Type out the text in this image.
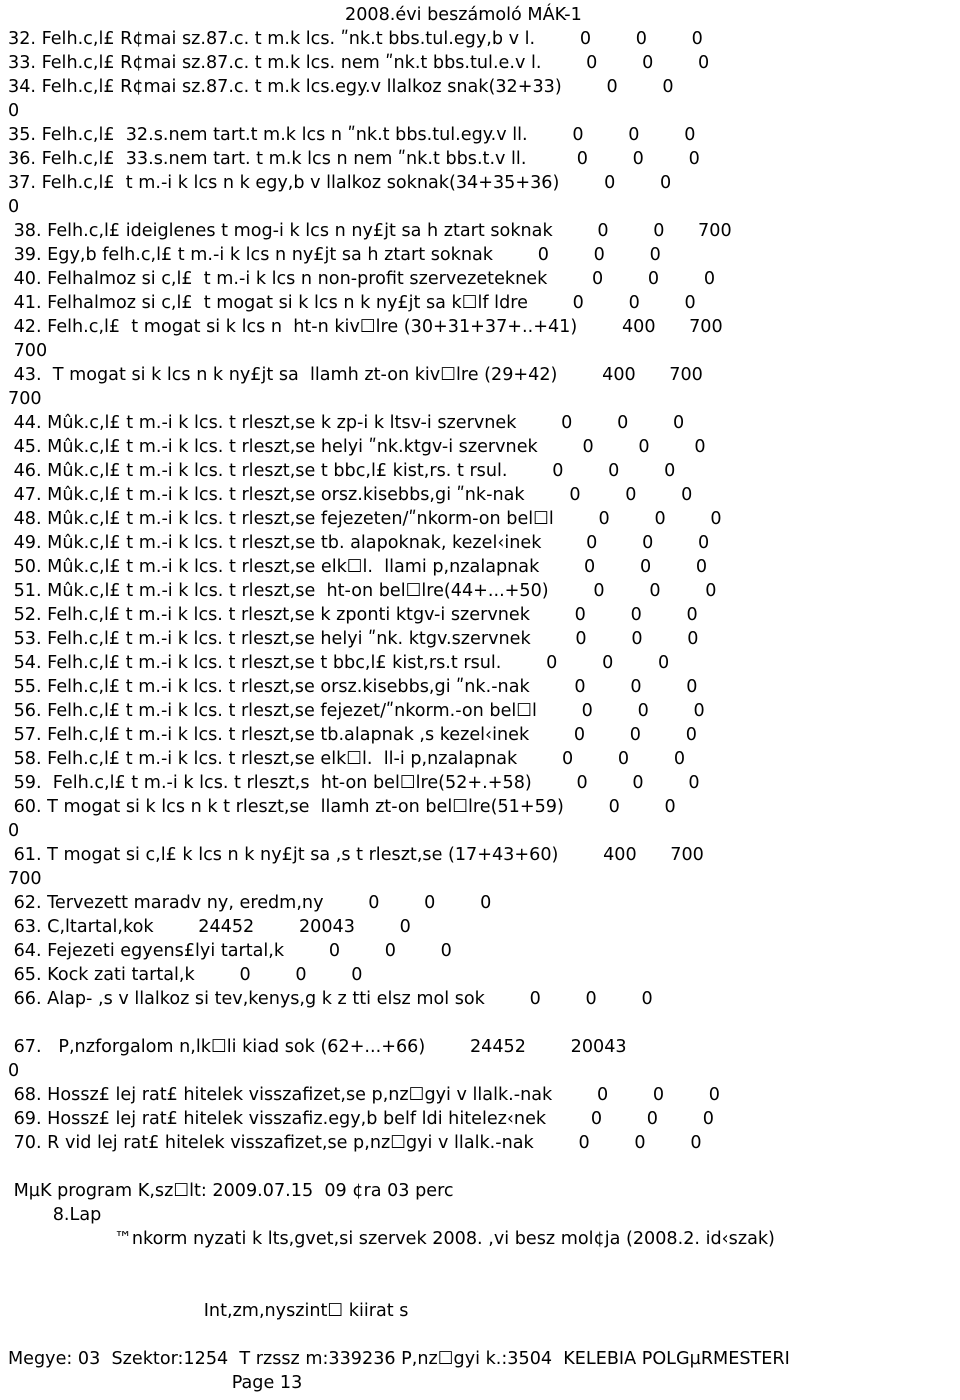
2008.évi beszámoló MÁK-1
32. Felh.c,l£ R¢mai sz.87.c. t m.k lcs. ʺnk.t bbs.tul.egy,b v l.        0        0        0
33. Felh.c,l£ R¢mai sz.87.c. t m.k lcs. nem ʺnk.t bbs.tul.e.v l.        0        0        0
34. Felh.c,l£ R¢mai sz.87.c. t m.k lcs.egy.v llalkoz snak(32+33)        0        0
0
35. Felh.c,l£  32.s.nem tart.t m.k lcs n ʺnk.t bbs.tul.egy.v ll.        0        0        0
36. Felh.c,l£  33.s.nem tart. t m.k lcs n nem ʺnk.t bbs.t.v ll.         0        0        0
37. Felh.c,l£  t m.-i k lcs n k egy,b v llalkoz soknak(34+35+36)        0        0
0
38. Felh.c,l£ ideiglenes t mog-i k lcs n ny£jt sa h ztart soknak        0        0      700
39. Egy,b felh.c,l£ t m.-i k lcs n ny£jt sa h ztart soknak        0        0        0
40. Felhalmoz si c,l£  t m.-i k lcs n non-profit szervezeteknek        0        0        0
41. Felhalmoz si c,l£  t mogat si k lcs n k ny£jt sa k☐lf ldre        0        0        0
42. Felh.c,l£  t mogat si k lcs n  ht-n kiv☐lre (30+31+37+..+41)        400      700
700
43.  T mogat si k lcs n k ny£jt sa  llamh zt-on kiv☐lre (29+42)        400      700
700
44. Mûk.c,l£ t m.-i k lcs. t rleszt,se k zp-i k ltsv-i szervnek        0        0        0
45. Mûk.c,l£ t m.-i k lcs. t rleszt,se helyi ʺnk.ktgv-i szervnek        0        0        0
46. Mûk.c,l£ t m.-i k lcs. t rleszt,se t bbc,l£ kist,rs. t rsul.        0        0        0
47. Mûk.c,l£ t m.-i k lcs. t rleszt,se orsz.kisebbs,gi ʺnk-nak        0        0        0
48. Mûk.c,l£ t m.-i k lcs. t rleszt,se fejezeten/ʺnkorm-on bel☐l        0        0        0
49. Mûk.c,l£ t m.-i k lcs. t rleszt,se tb. alapoknak, kezel‹inek        0        0        0
50. Mûk.c,l£ t m.-i k lcs. t rleszt,se elk☐l.  llami p,nzalapnak        0        0        0
51. Mûk.c,l£ t m.-i k lcs. t rleszt,se  ht-on bel☐lre(44+...+50)        0        0        0
52. Felh.c,l£ t m.-i k lcs. t rleszt,se k zponti ktgv-i szervnek        0        0        0
53. Felh.c,l£ t m.-i k lcs. t rleszt,se helyi ʺnk. ktgv.szervnek        0        0        0
54. Felh.c,l£ t m.-i k lcs. t rleszt,se t bbc,l£ kist,rs.t rsul.        0        0        0
55. Felh.c,l£ t m.-i k lcs. t rleszt,se orsz.kisebbs,gi ʺnk.-nak        0        0        0
56. Felh.c,l£ t m.-i k lcs. t rleszt,se fejezet/ʺnkorm.-on bel☐l        0        0        0
57. Felh.c,l£ t m.-i k lcs. t rleszt,se tb.alapnak ,s kezel‹inek        0        0        0
58. Felh.c,l£ t m.-i k lcs. t rleszt,se elk☐l.  ll-i p,nzalapnak        0        0        0
59.  Felh.c,l£ t m.-i k lcs. t rleszt,s  ht-on bel☐lre(52+.+58)        0        0        0
60. T mogat si k lcs n k t rleszt,se  llamh zt-on bel☐lre(51+59)        0        0
0
61. T mogat si c,l£ k lcs n k ny£jt sa ,s t rleszt,se (17+43+60)        400      700
700
62. Tervezett maradv ny, eredm,ny        0        0        0
63. C,ltartal,kok        24452        20043        0
64. Fejezeti egyens£lyi tartal,k        0        0        0
65. Kock zati tartal,k        0        0        0
66. Alap- ,s v llalkoz si tev,kenys,g k z tti elsz mol sok        0        0        0
67.   P,nzforgalom n,lk☐li kiad sok (62+...+66)        24452        20043
0
68. Hossz£ lej rat£ hitelek visszafizet,se p,nz☐gyi v llalk.-nak        0        0        0
69. Hossz£ lej rat£ hitelek visszafiz.egy,b belf ldi hitelez‹nek        0        0        0
70. R vid lej rat£ hitelek visszafizet,se p,nz☐gyi v llalk.-nak        0        0        0
MµK program K,sz☐lt: 2009.07.15  09 ¢ra 03 perc
8.Lap
™nkorm nyzati k lts,gvet,si szervek 2008. ,vi besz mol¢ja (2008.2. id‹szak)
Int,zm,nyszint☐ kiirat s
Megye: 03  Szektor:1254  T rzssz m:339236 P,nz☐gyi k.:3504  KELEBIA POLGµRMESTERI
Page 13
